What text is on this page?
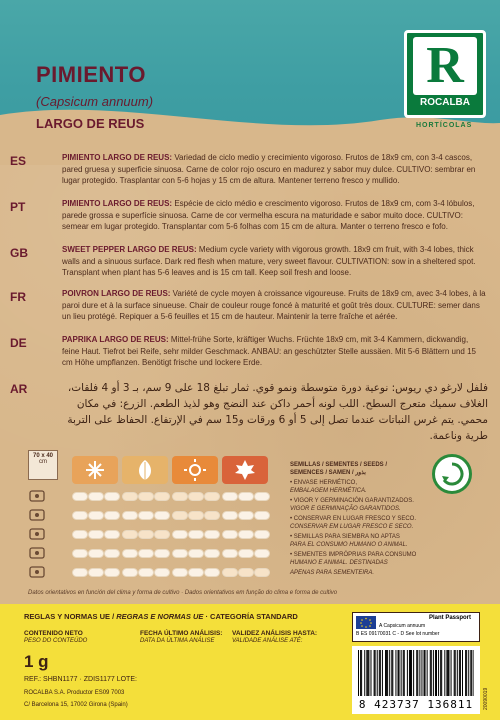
R
ROCALBA
HORTÍCOLAS
PIMIENTO
(Capsicum annuum)
LARGO DE REUS
ES	PIMIENTO LARGO DE REUS: Variedad de ciclo medio y crecimiento vigoroso. Frutos de 18x9 cm, con 3-4 cascos, pared gruesa y superficie sinuosa. Carne de color rojo oscuro en madurez y sabor muy dulce. CULTIVO: sembrar en lugar protegido. Trasplantar con 5-6 hojas y 15 cm de altura. Mantener terreno fresco y mullido.
PT	PIMIENTO LARGO DE REUS: Espécie de ciclo médio e crescimento vigoroso. Frutos de 18x9 cm, com 3-4 lóbulos, parede grossa e superfície sinuosa. Carne de cor vermelha escura na maturidade e sabor muito doce. CULTIVO: semear em lugar protegido. Transplantar com 5-6 folhas com 15 cm de altura. Manter o terreno fresco e fofo.
GB	SWEET PEPPER LARGO DE REUS: Medium cycle variety with vigorous growth. 18x9 cm fruit, with 3-4 lobes, thick walls and a sinuous surface. Dark red flesh when mature, very sweet flavour. CULTIVATION: sow in a sheltered spot. Transplant when plant has 5-6 leaves and is 15 cm tall. Keep soil fresh and loose.
FR	POIVRON LARGO DE REUS: Variété de cycle moyen à croissance vigoureuse. Fruits de 18x9 cm, avec 3-4 lobes, à la paroi dure et à la surface sinueuse. Chair de couleur rouge foncé à maturité et goût très doux. CULTURE: semer dans un lieu protégé. Repiquer a 5-6 feuilles et 15 cm de hauteur. Maintenir la terre fraîche et aérée.
DE	PAPRIKA LARGO DE REUS: Mittel-frühe Sorte, kräftiger Wuchs. Früchte 18x9 cm, mit 3-4 Kammern, dickwandig, feine Haut. Tiefrot bei Reife, sehr milder Geschmack. ANBAU: an geschützter Stelle aussäen. Mit 5-6 Blättern und 15 cm Höhe umpflanzen. Benötigt frische und lockere Erde.
AR	فلفل لارغو دي ريوس: نوعية دورة متوسطة ونمو قوي. ثمار تبلغ 18 على 9 سم، بـ 3 أو 4 فلقات، الغلاف سميك متعرج السطح. اللب لونه أحمر داكن عند النضج وهو لذيذ الطعم. الزرع: في مكان محمي. يتم غرس النباتات عندما تصل إلى 5 أو 6 ورقات و15 سم في الإرتفاع. الحفاظ على التربة طرية وناعمة.
70 x 40
cm	SEMILLAS / SEMENTES / SEEDS /
SEMENCES / SAMEN / بذور
• ENVASE HERMÉTICO,
EMBALAGEM HERMÉTICA.
• VIGOR Y GERMINACIÓN GARANTIZADOS.
VIGOR E GERMINAÇÃO GARANTIDOS.
• CONSERVAR EN LUGAR FRESCO Y SECO.
CONSERVAR EM LUGAR FRESCO E SECO.
• SEMILLAS PARA SIEMBRA NO APTAS
PARA EL CONSUMO HUMANO O ANIMAL.
• SEMENTES IMPRÓPRIAS PARA CONSUMO
HUMANO E ANIMAL. DESTINADAS
APENAS PARA SEMENTEIRA.
Datos orientativos en función del clima y forma de cultivo · Dados orientativos em função do clima e forma de cultivo
REGLAS Y NORMAS UE / REGRAS E NORMAS UE · CATEGORÍA STANDARD
CONTENIDO NETO
PESO DO CONTEÚDO
FECHA ÚLTIMO ANÁLISIS:
DATA DA ÚLTIMA ANÁLISE
VALIDEZ ANÁLISIS HASTA:
VALIDADE ANÁLISE ATÉ:
1 g
REF.: SHBN1177 · ZDIS1177 LOTE:
ROCALBA S.A. Productor ES09 7003
C/ Barcelona 15, 17002 Girona (Spain)
Plant Passport
A Capsicum annuum
B ES 09170031 C - D See lot number
8 423737 136811	20090019
